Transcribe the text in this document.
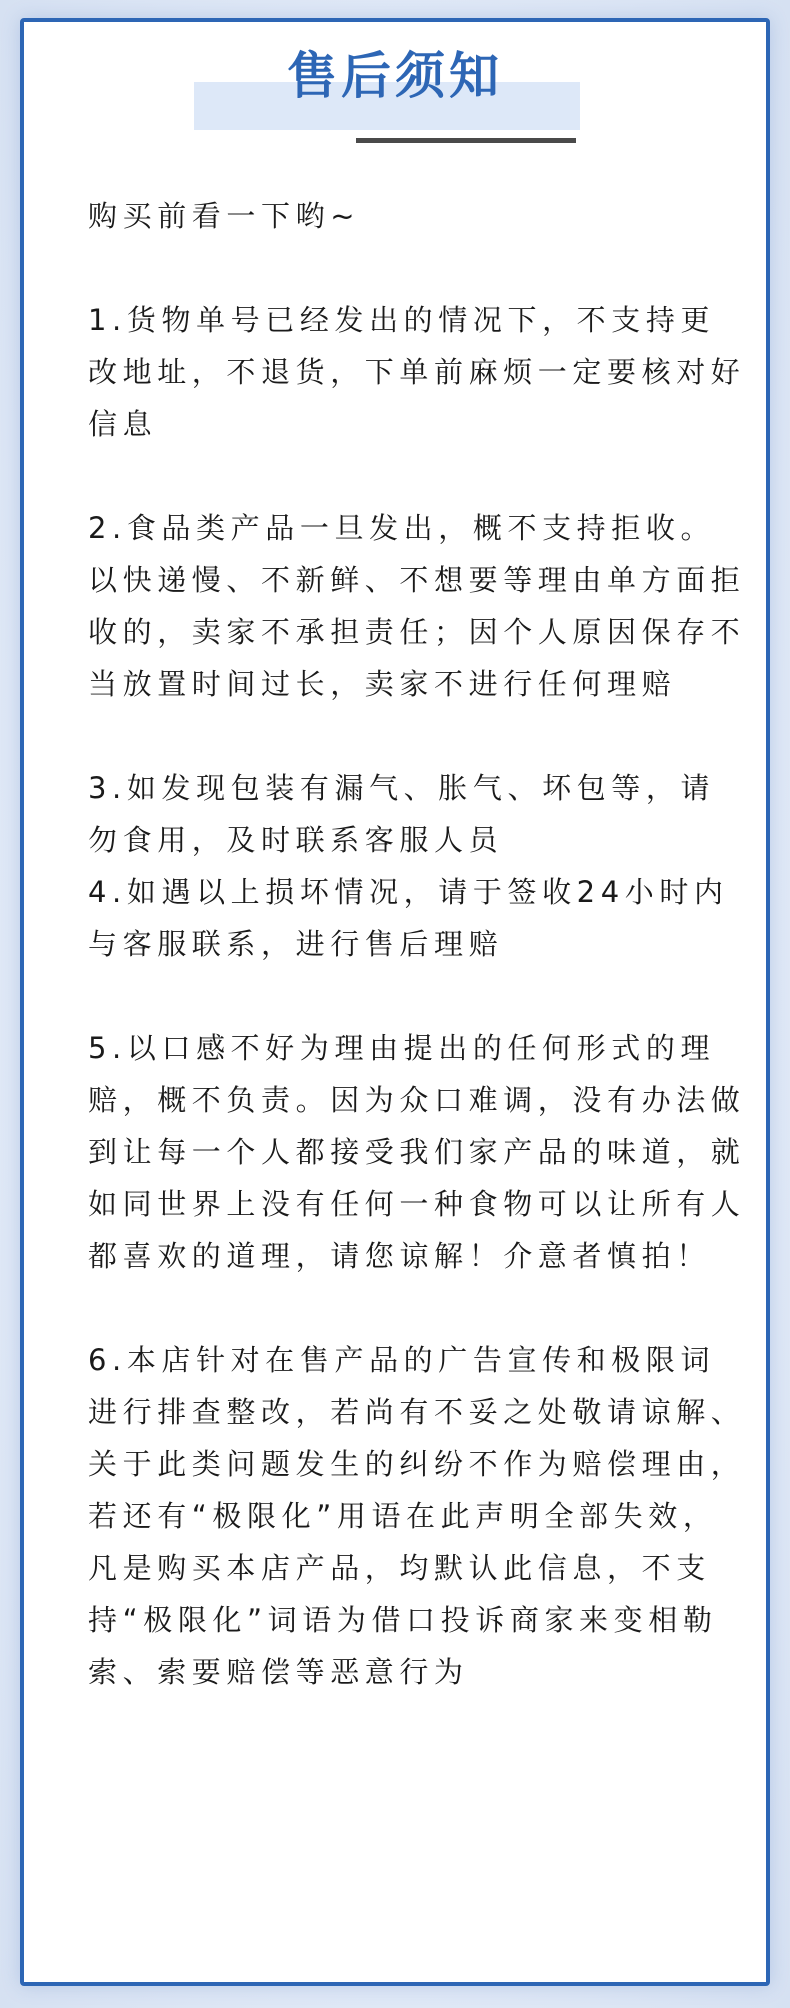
售后须知

购买前看一下哟~

1.货物单号已经发出的情况下，不支持更改地址，不退货，下单前麻烦一定要核对好信息

2.食品类产品一旦发出，概不支持拒收。以快递慢、不新鲜、不想要等理由单方面拒收的，卖家不承担责任；因个人原因保存不当放置时间过长，卖家不进行任何理赔

3.如发现包装有漏气、胀气、坏包等，请勿食用，及时联系客服人员

4.如遇以上损坏情况，请于签收24小时内与客服联系，进行售后理赔

5.以口感不好为理由提出的任何形式的理赔，概不负责。因为众口难调，没有办法做到让每一个人都接受我们家产品的味道，就如同世界上没有任何一种食物可以让所有人都喜欢的道理，请您谅解！介意者慎拍！

6.本店针对在售产品的广告宣传和极限词进行排查整改，若尚有不妥之处敬请谅解、关于此类问题发生的纠纷不作为赔偿理由，若还有“极限化”用语在此声明全部失效，凡是购买本店产品，均默认此信息，不支持“极限化”词语为借口投诉商家来变相勒索、索要赔偿等恶意行为
